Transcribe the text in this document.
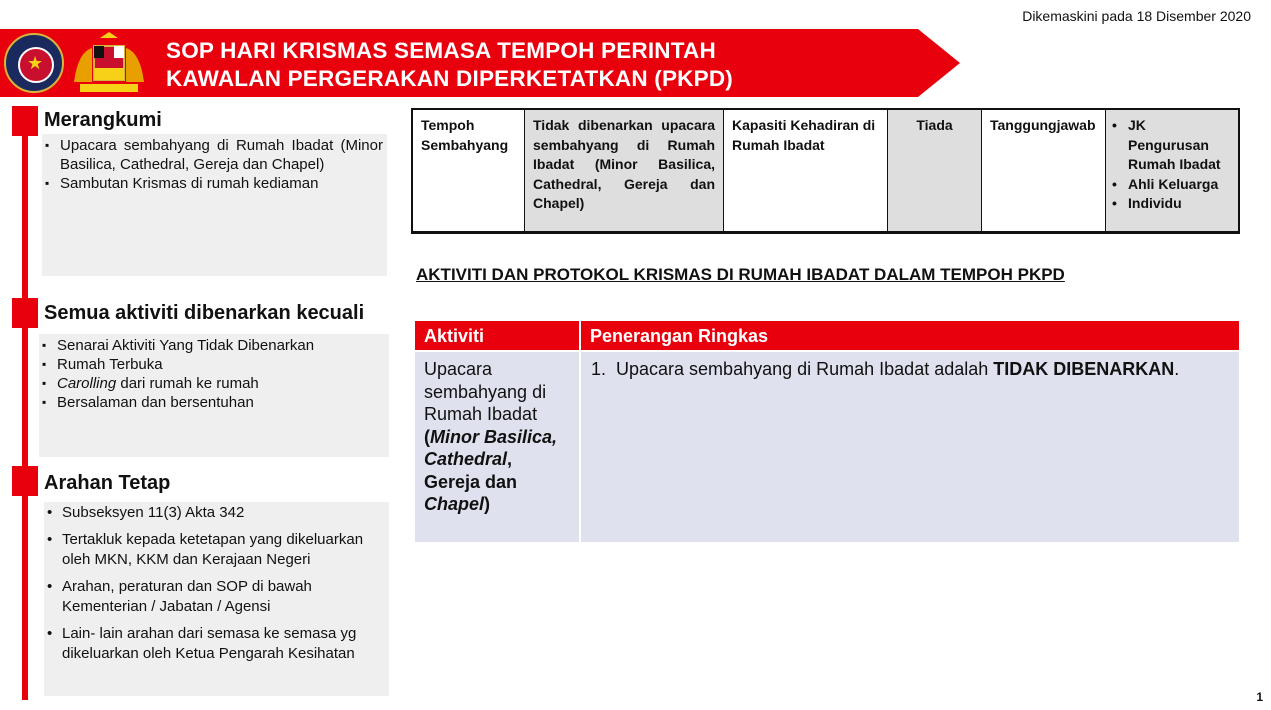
Dikemaskini pada 18 Disember 2020
★	SOP HARI KRISMAS SEMASA TEMPOH PERINTAH
KAWALAN PERGERAKAN DIPERKETATKAN (PKPD)
Merangkumi
▪ Upacara sembahyang di Rumah Ibadat (Minor Basilica, Cathedral, Gereja dan Chapel)
▪ Sambutan Krismas di rumah kediaman
Semua aktiviti dibenarkan kecuali
▪ Senarai Aktiviti Yang Tidak Dibenarkan
▪ Rumah Terbuka
▪ Carolling dari rumah ke rumah
▪ Bersalaman dan bersentuhan
Arahan Tetap
• Subseksyen 11(3) Akta 342
• Tertakluk kepada ketetapan yang dikeluarkan oleh MKN, KKM dan Kerajaan Negeri
• Arahan, peraturan dan SOP di bawah Kementerian / Jabatan / Agensi
• Lain- lain arahan dari semasa ke semasa yg dikeluarkan oleh Ketua Pengarah Kesihatan
Tempoh Sembahyang
Tidak dibenarkan upacara sembahyang di Rumah Ibadat (Minor Basilica, Cathedral, Gereja dan Chapel)
Kapasiti Kehadiran di Rumah Ibadat
Tiada	Tanggungjawab
•	JK Pengurusan Rumah Ibadat
• Ahli Keluarga
• Individu
AKTIVITI DAN PROTOKOL KRISMAS DI RUMAH IBADAT DALAM TEMPOH PKPD
Aktiviti	Penerangan Ringkas
Upacara sembahyang di Rumah Ibadat (Minor Basilica, Cathedral, Gereja dan Chapel)
1.  Upacara sembahyang di Rumah Ibadat adalah TIDAK DIBENARKAN.
1
